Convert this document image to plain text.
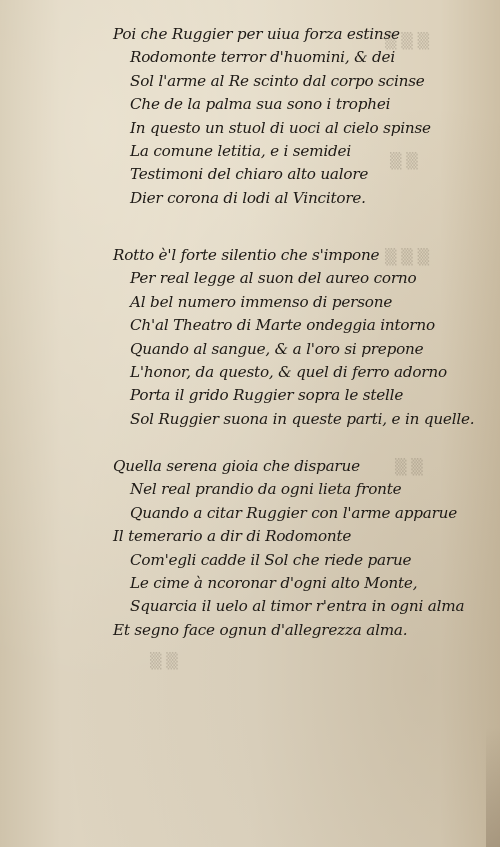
▒ ▒ ▒
▒ ▒
▒ ▒ ▒
▒ ▒
▒ ▒
Poi che Ruggier per uiua forza estinse
Rodomonte terror d'huomini, & dei
Sol l'arme al Re scinto dal corpo scinse
Che de la palma sua sono i trophei
In questo un stuol di uoci al cielo spinse
La comune letitia, e i semidei
Testimoni del chiaro alto ualore
Dier corona di lodi al Vincitore.
Rotto è'l forte silentio che s'impone
Per real legge al suon del aureo corno
Al bel numero immenso di persone
Ch'al Theatro di Marte ondeggia intorno
Quando al sangue, & a l'oro si prepone
L'honor, da questo, & quel di ferro adorno
Porta il grido Ruggier sopra le stelle
Sol Ruggier suona in queste parti, e in quelle.
Quella serena gioia che disparue
Nel real prandio da ogni lieta fronte
Quando a citar Ruggier con l'arme apparue
Il temerario a dir di Rodomonte
Com'egli cadde il Sol che riede parue
Le cime à ncoronar d'ogni alto Monte,
Squarcia il uelo al timor r'entra in ogni alma
Et segno face ognun d'allegrezza alma.
